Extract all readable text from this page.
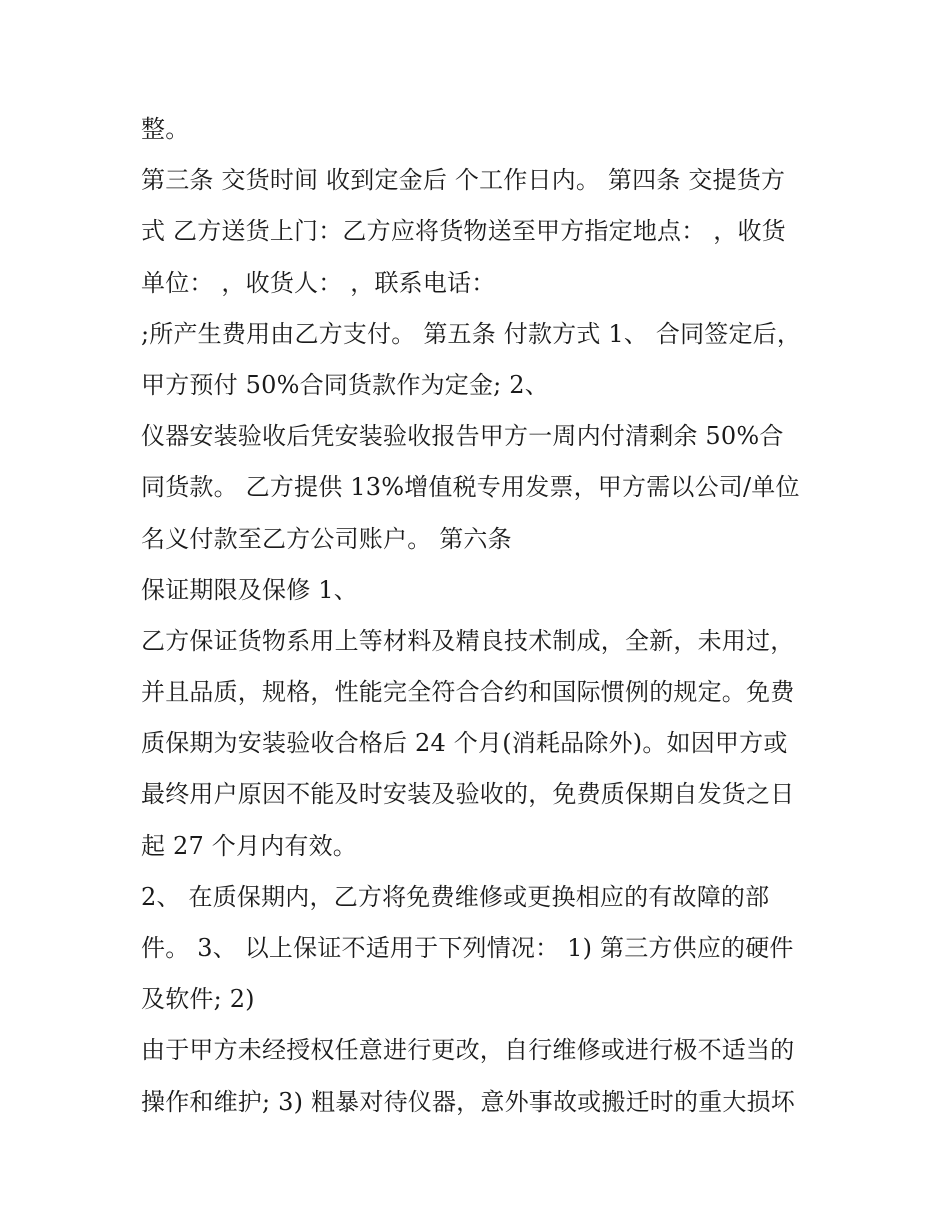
整。
第三条 交货时间 收到定金后 个工作日内。 第四条 交提货方
式 乙方送货上门：乙方应将货物送至甲方指定地点： ，收货
单位： ，收货人： ，联系电话：
;所产生费用由乙方支付。 第五条 付款方式 1、 合同签定后，
甲方预付 50%合同货款作为定金; 2、
仪器安装验收后凭安装验收报告甲方一周内付清剩余 50%合
同货款。 乙方提供 13%增值税专用发票，甲方需以公司/单位
名义付款至乙方公司账户。 第六条
保证期限及保修 1、
乙方保证货物系用上等材料及精良技术制成，全新，未用过，
并且品质，规格，性能完全符合合约和国际惯例的规定。免费
质保期为安装验收合格后 24 个月(消耗品除外)。如因甲方或
最终用户原因不能及时安装及验收的，免费质保期自发货之日
起 27 个月内有效。
2、 在质保期内，乙方将免费维修或更换相应的有故障的部
件。 3、 以上保证不适用于下列情况： 1) 第三方供应的硬件
及软件; 2)
由于甲方未经授权任意进行更改，自行维修或进行极不适当的
操作和维护; 3) 粗暴对待仪器，意外事故或搬迁时的重大损坏
